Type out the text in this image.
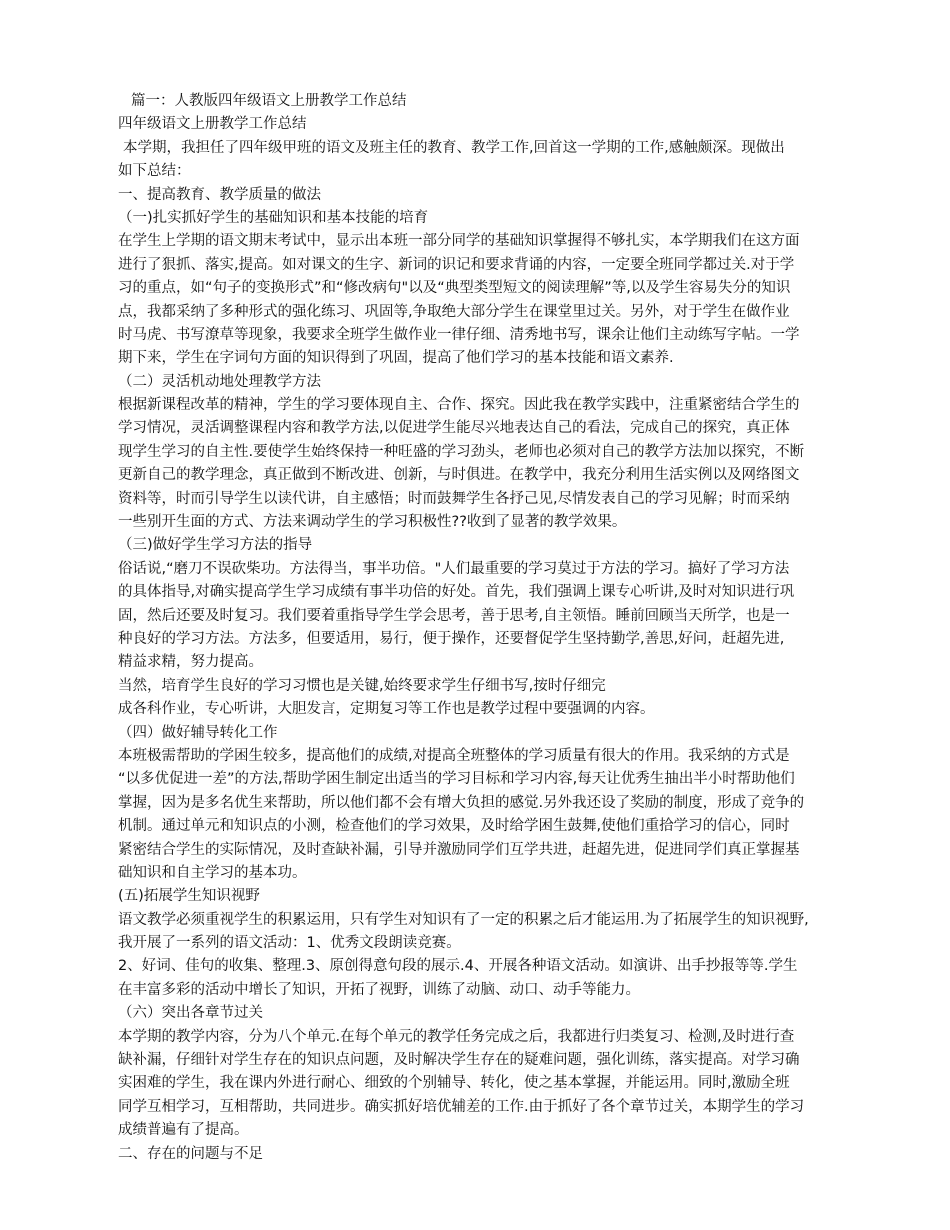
篇一：人教版四年级语文上册教学工作总结
四年级语文上册教学工作总结
本学期，我担任了四年级甲班的语文及班主任的教育、教学工作,回首这一学期的工作,感触颇深。现做出
如下总结：
一、提高教育、教学质量的做法
（一)扎实抓好学生的基础知识和基本技能的培育
在学生上学期的语文期末考试中，显示出本班一部分同学的基础知识掌握得不够扎实，本学期我们在这方面
进行了狠抓、落实,提高。如对课文的生字、新词的识记和要求背诵的内容，一定要全班同学都过关.对于学
习的重点，如“句子的变换形式”和“修改病句"以及“典型类型短文的阅读理解”等,以及学生容易失分的知识
点，我都采纳了多种形式的强化练习、巩固等,争取绝大部分学生在课堂里过关。另外，对于学生在做作业
时马虎、书写潦草等现象，我要求全班学生做作业一律仔细、清秀地书写，课余让他们主动练写字帖。一学
期下来，学生在字词句方面的知识得到了巩固，提高了他们学习的基本技能和语文素养.
（二）灵活机动地处理教学方法
根据新课程改革的精神，学生的学习要体现自主、合作、探究。因此我在教学实践中，注重紧密结合学生的
学习情况，灵活调整课程内容和教学方法,以促进学生能尽兴地表达自己的看法，完成自己的探究，真正体
现学生学习的自主性.要使学生始终保持一种旺盛的学习劲头，老师也必须对自己的教学方法加以探究，不断
更新自己的教学理念，真正做到不断改进、创新，与时俱进。在教学中，我充分利用生活实例以及网络图文
资料等，时而引导学生以读代讲，自主感悟；时而鼓舞学生各抒己见,尽情发表自己的学习见解；时而采纳
一些别开生面的方式、方法来调动学生的学习积极性??收到了显著的教学效果。
（三)做好学生学习方法的指导
俗话说,“磨刀不误砍柴功。方法得当，事半功倍。"人们最重要的学习莫过于方法的学习。搞好了学习方法
的具体指导,对确实提高学生学习成绩有事半功倍的好处。首先，我们强调上课专心听讲,及时对知识进行巩
固，然后还要及时复习。我们要着重指导学生学会思考，善于思考,自主领悟。睡前回顾当天所学，也是一
种良好的学习方法。方法多，但要适用，易行，便于操作，还要督促学生坚持勤学,善思,好问，赶超先进,
精益求精，努力提高。
当然，培育学生良好的学习习惯也是关键,始终要求学生仔细书写,按时仔细完
成各科作业，专心听讲，大胆发言，定期复习等工作也是教学过程中要强调的内容。
（四）做好辅导转化工作
本班极需帮助的学困生较多，提高他们的成绩,对提高全班整体的学习质量有很大的作用。我采纳的方式是
“以多优促进一差”的方法,帮助学困生制定出适当的学习目标和学习内容,每天让优秀生抽出半小时帮助他们
掌握，因为是多名优生来帮助，所以他们都不会有增大负担的感觉.另外我还设了奖励的制度，形成了竞争的
机制。通过单元和知识点的小测，检查他们的学习效果，及时给学困生鼓舞,使他们重拾学习的信心，同时
紧密结合学生的实际情况，及时查缺补漏，引导并激励同学们互学共进，赶超先进，促进同学们真正掌握基
础知识和自主学习的基本功。
(五)拓展学生知识视野
语文教学必须重视学生的积累运用，只有学生对知识有了一定的积累之后才能运用.为了拓展学生的知识视野,
我开展了一系列的语文活动：1、优秀文段朗读竞赛。
2、好词、佳句的收集、整理.3、原创得意句段的展示.4、开展各种语文活动。如演讲、出手抄报等等.学生
在丰富多彩的活动中增长了知识，开拓了视野，训练了动脑、动口、动手等能力。
（六）突出各章节过关
本学期的教学内容，分为八个单元.在每个单元的教学任务完成之后，我都进行归类复习、检测,及时进行查
缺补漏，仔细针对学生存在的知识点问题，及时解决学生存在的疑难问题，强化训练，落实提高。对学习确
实困难的学生，我在课内外进行耐心、细致的个别辅导、转化，使之基本掌握，并能运用。同时,激励全班
同学互相学习，互相帮助，共同进步。确实抓好培优辅差的工作.由于抓好了各个章节过关，本期学生的学习
成绩普遍有了提高。
二、存在的问题与不足
